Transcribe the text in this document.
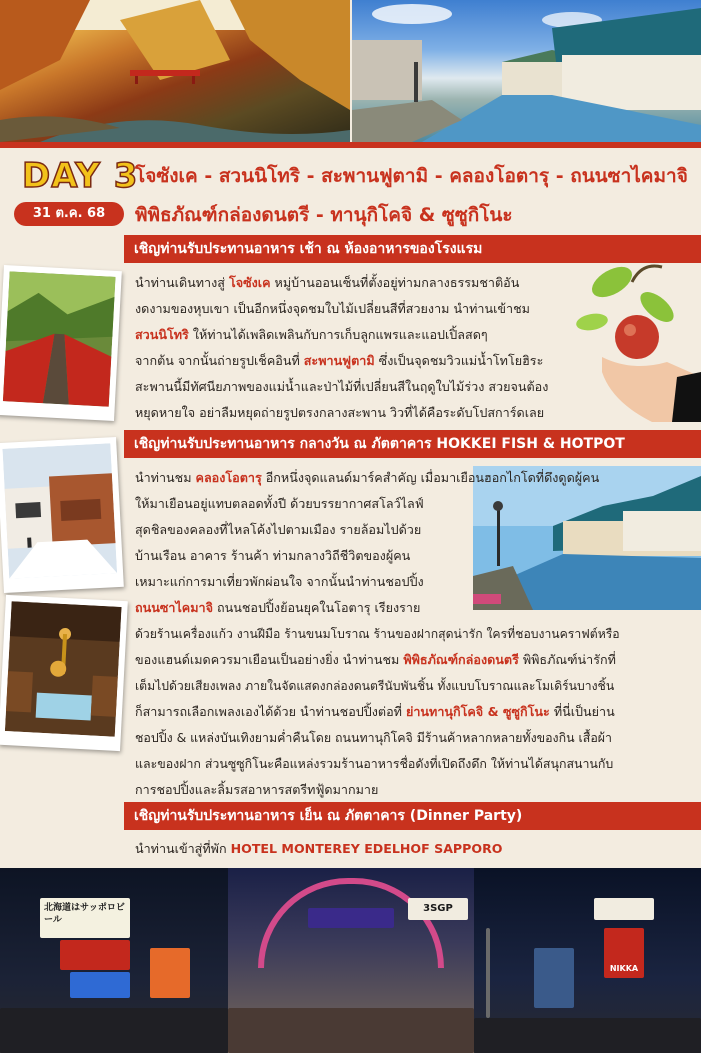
DAY 3
31 ต.ค. 68
โจซังเค - สวนนิโทริ - สะพานฟูตามิ - คลองโอตารุ - ถนนซาไคมาจิ
พิพิธภัณฑ์กล่องดนตรี - ทานุกิโคจิ & ซูซูกิโนะ
เชิญท่านรับประทานอาหาร เช้า ณ ห้องอาหารของโรงแรม
นำท่านเดินทางสู่ โจซังเค หมู่บ้านออนเซ็นที่ตั้งอยู่ท่ามกลางธรรมชาติอัน
งดงามของหุบเขา เป็นอีกหนึ่งจุดชมใบไม้เปลี่ยนสีที่สวยงาม นำท่านเข้าชม
สวนนิโทริ ให้ท่านได้เพลิดเพลินกับการเก็บลูกแพรและแอปเปิ้ลสดๆ
จากต้น จากนั้นถ่ายรูปเช็คอินที่ สะพานฟูตามิ ซึ่งเป็นจุดชมวิวแม่น้ำโทโยฮิระ
สะพานนี้มีทัศนียภาพของแม่น้ำและป่าไม้ที่เปลี่ยนสีในฤดูใบไม้ร่วง สวยจนต้อง
หยุดหายใจ อย่าลืมหยุดถ่ายรูปตรงกลางสะพาน วิวที่ได้คือระดับโปสการ์ดเลย
เชิญท่านรับประทานอาหาร กลางวัน ณ ภัตตาคาร HOKKEI FISH & HOTPOT
นำท่านชม คลองโอตารุ อีกหนึ่งจุดแลนด์มาร์คสำคัญ เมื่อมาเยือนฮอกไกโดที่ดึงดูดผู้คน
ให้มาเยือนอยู่แทบตลอดทั้งปี ด้วยบรรยากาศสโลว์ไลฟ์
สุดชิลของคลองที่ไหลโค้งไปตามเมือง รายล้อมไปด้วย
บ้านเรือน อาคาร ร้านค้า ท่ามกลางวิถีชีวิตของผู้คน
เหมาะแก่การมาเที่ยวพักผ่อนใจ จากนั้นนำท่านชอปปิ้ง
ถนนซาไคมาจิ ถนนชอปปิ้งย้อนยุคในโอตารุ เรียงราย
ด้วยร้านเครื่องแก้ว งานฝีมือ ร้านขนมโบราณ ร้านของฝากสุดน่ารัก ใครที่ชอบงานคราฟต์หรือ
ของแฮนด์เมดควรมาเยือนเป็นอย่างยิ่ง นำท่านชม พิพิธภัณฑ์กล่องดนตรี พิพิธภัณฑ์น่ารักที่
เต็มไปด้วยเสียงเพลง ภายในจัดแสดงกล่องดนตรีนับพันชิ้น ทั้งแบบโบราณและโมเดิร์นบางชิ้น
ก็สามารถเลือกเพลงเองได้ด้วย นำท่านชอปปิ้งต่อที่ ย่านทานุกิโคจิ & ซูซูกิโนะ ที่นี่เป็นย่าน
ชอปปิ้ง & แหล่งบันเทิงยามค่ำคืนโดย ถนนทานุกิโคจิ มีร้านค้าหลากหลายทั้งของกิน เสื้อผ้า
และของฝาก ส่วนซูซูกิโนะคือแหล่งรวมร้านอาหารชื่อดังที่เปิดถึงดึก ให้ท่านได้สนุกสนานกับ
การชอปปิ้งและลิ้มรสอาหารสตรีทฟู้ดมากมาย
เชิญท่านรับประทานอาหาร เย็น ณ ภัตตาคาร (Dinner Party)
นำท่านเข้าสู่ที่พัก HOTEL MONTEREY EDELHOF SAPPORO
北海道はサッポロビール
3SGP
NIKKA
